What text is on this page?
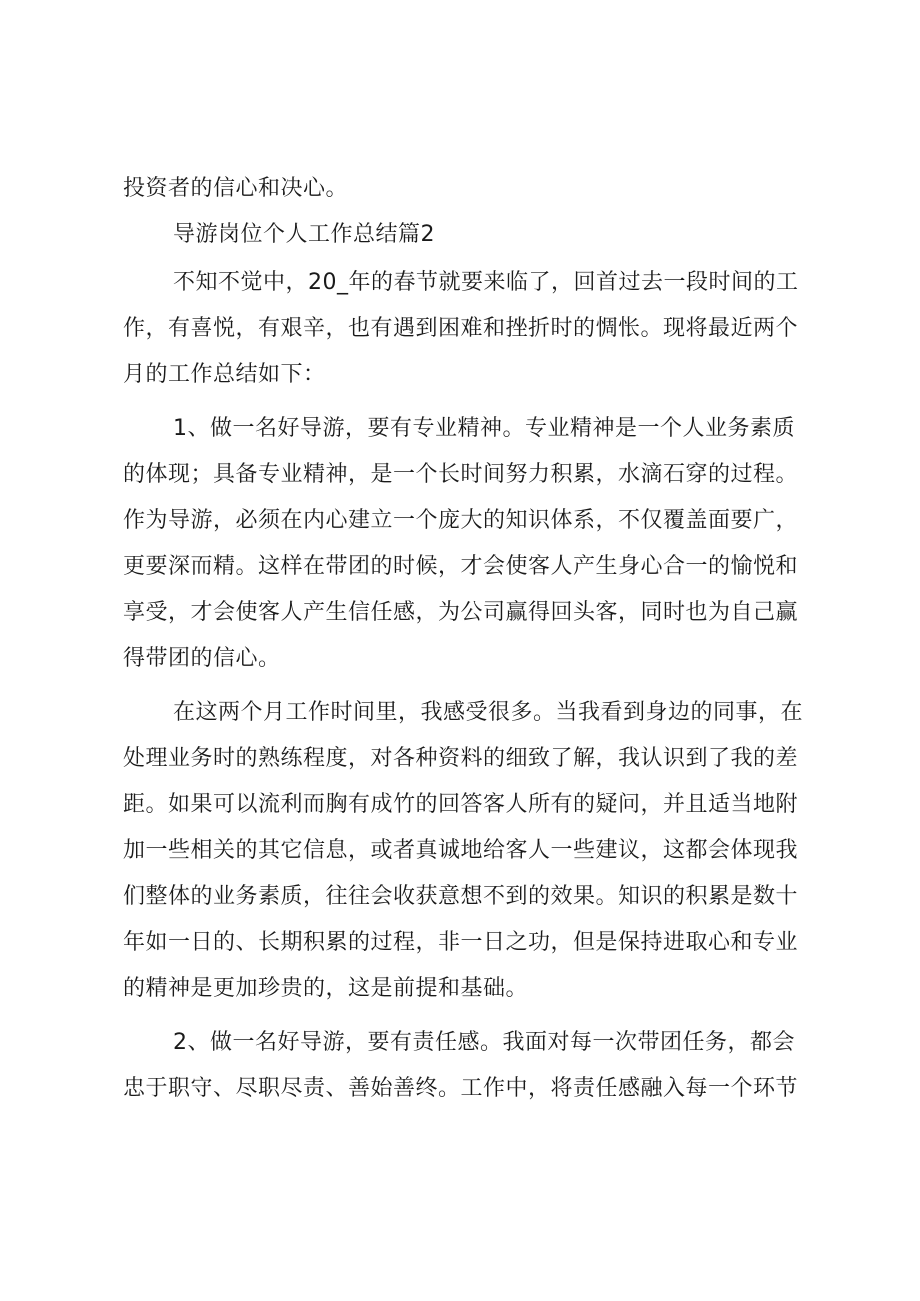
投资者的信心和决心。
导游岗位个人工作总结篇2
不知不觉中，20_年的春节就要来临了，回首过去一段时间的工
作，有喜悦，有艰辛，也有遇到困难和挫折时的惆怅。现将最近两个
月的工作总结如下：
1、做一名好导游，要有专业精神。专业精神是一个人业务素质
的体现；具备专业精神，是一个长时间努力积累，水滴石穿的过程。
作为导游，必须在内心建立一个庞大的知识体系，不仅覆盖面要广，
更要深而精。这样在带团的时候，才会使客人产生身心合一的愉悦和
享受，才会使客人产生信任感，为公司赢得回头客，同时也为自己赢
得带团的信心。
在这两个月工作时间里，我感受很多。当我看到身边的同事，在
处理业务时的熟练程度，对各种资料的细致了解，我认识到了我的差
距。如果可以流利而胸有成竹的回答客人所有的疑问，并且适当地附
加一些相关的其它信息，或者真诚地给客人一些建议，这都会体现我
们整体的业务素质，往往会收获意想不到的效果。知识的积累是数十
年如一日的、长期积累的过程，非一日之功，但是保持进取心和专业
的精神是更加珍贵的，这是前提和基础。
2、做一名好导游，要有责任感。我面对每一次带团任务，都会
忠于职守、尽职尽责、善始善终。工作中，将责任感融入每一个环节
